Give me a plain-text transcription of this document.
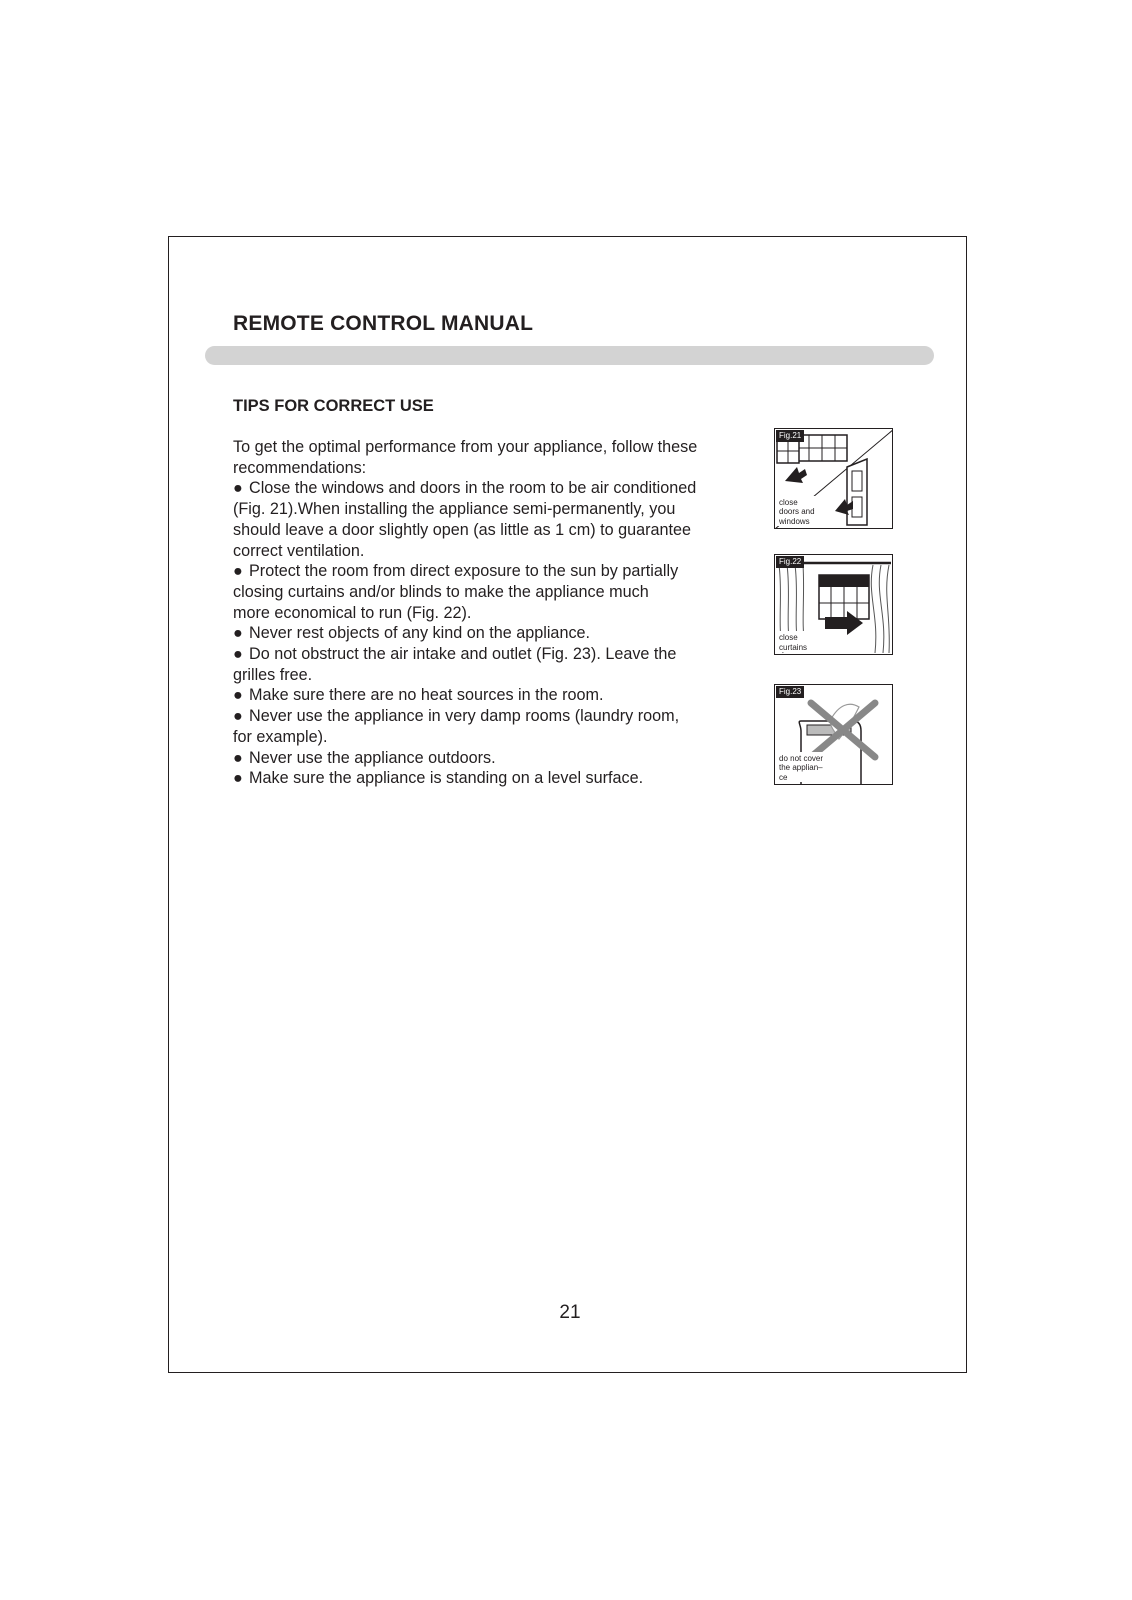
REMOTE CONTROL MANUAL
TIPS FOR CORRECT USE

To get the optimal performance from your appliance, follow these

recommendations:

● Close the windows and doors in the room to be air conditioned

(Fig. 21).When installing the appliance semi-permanently, you

should leave a door slightly open (as little as 1 cm) to guarantee

correct ventilation.

● Protect the room from direct exposure to the sun by partially

closing curtains and/or blinds to make the appliance much

more economical to run (Fig. 22).

● Never rest objects of any kind on the appliance.

● Do not obstruct the air intake and outlet (Fig. 23). Leave the

grilles free.

● Make sure there are no heat sources in the room.

● Never use the appliance in very damp rooms (laundry room,

for example).

● Never use the appliance outdoors.

● Make sure the appliance is standing on a level surface.

Fig.21
close
doors and
windows
Fig.22
close
curtains
Fig.23
do not cover
the applian–
ce
21
